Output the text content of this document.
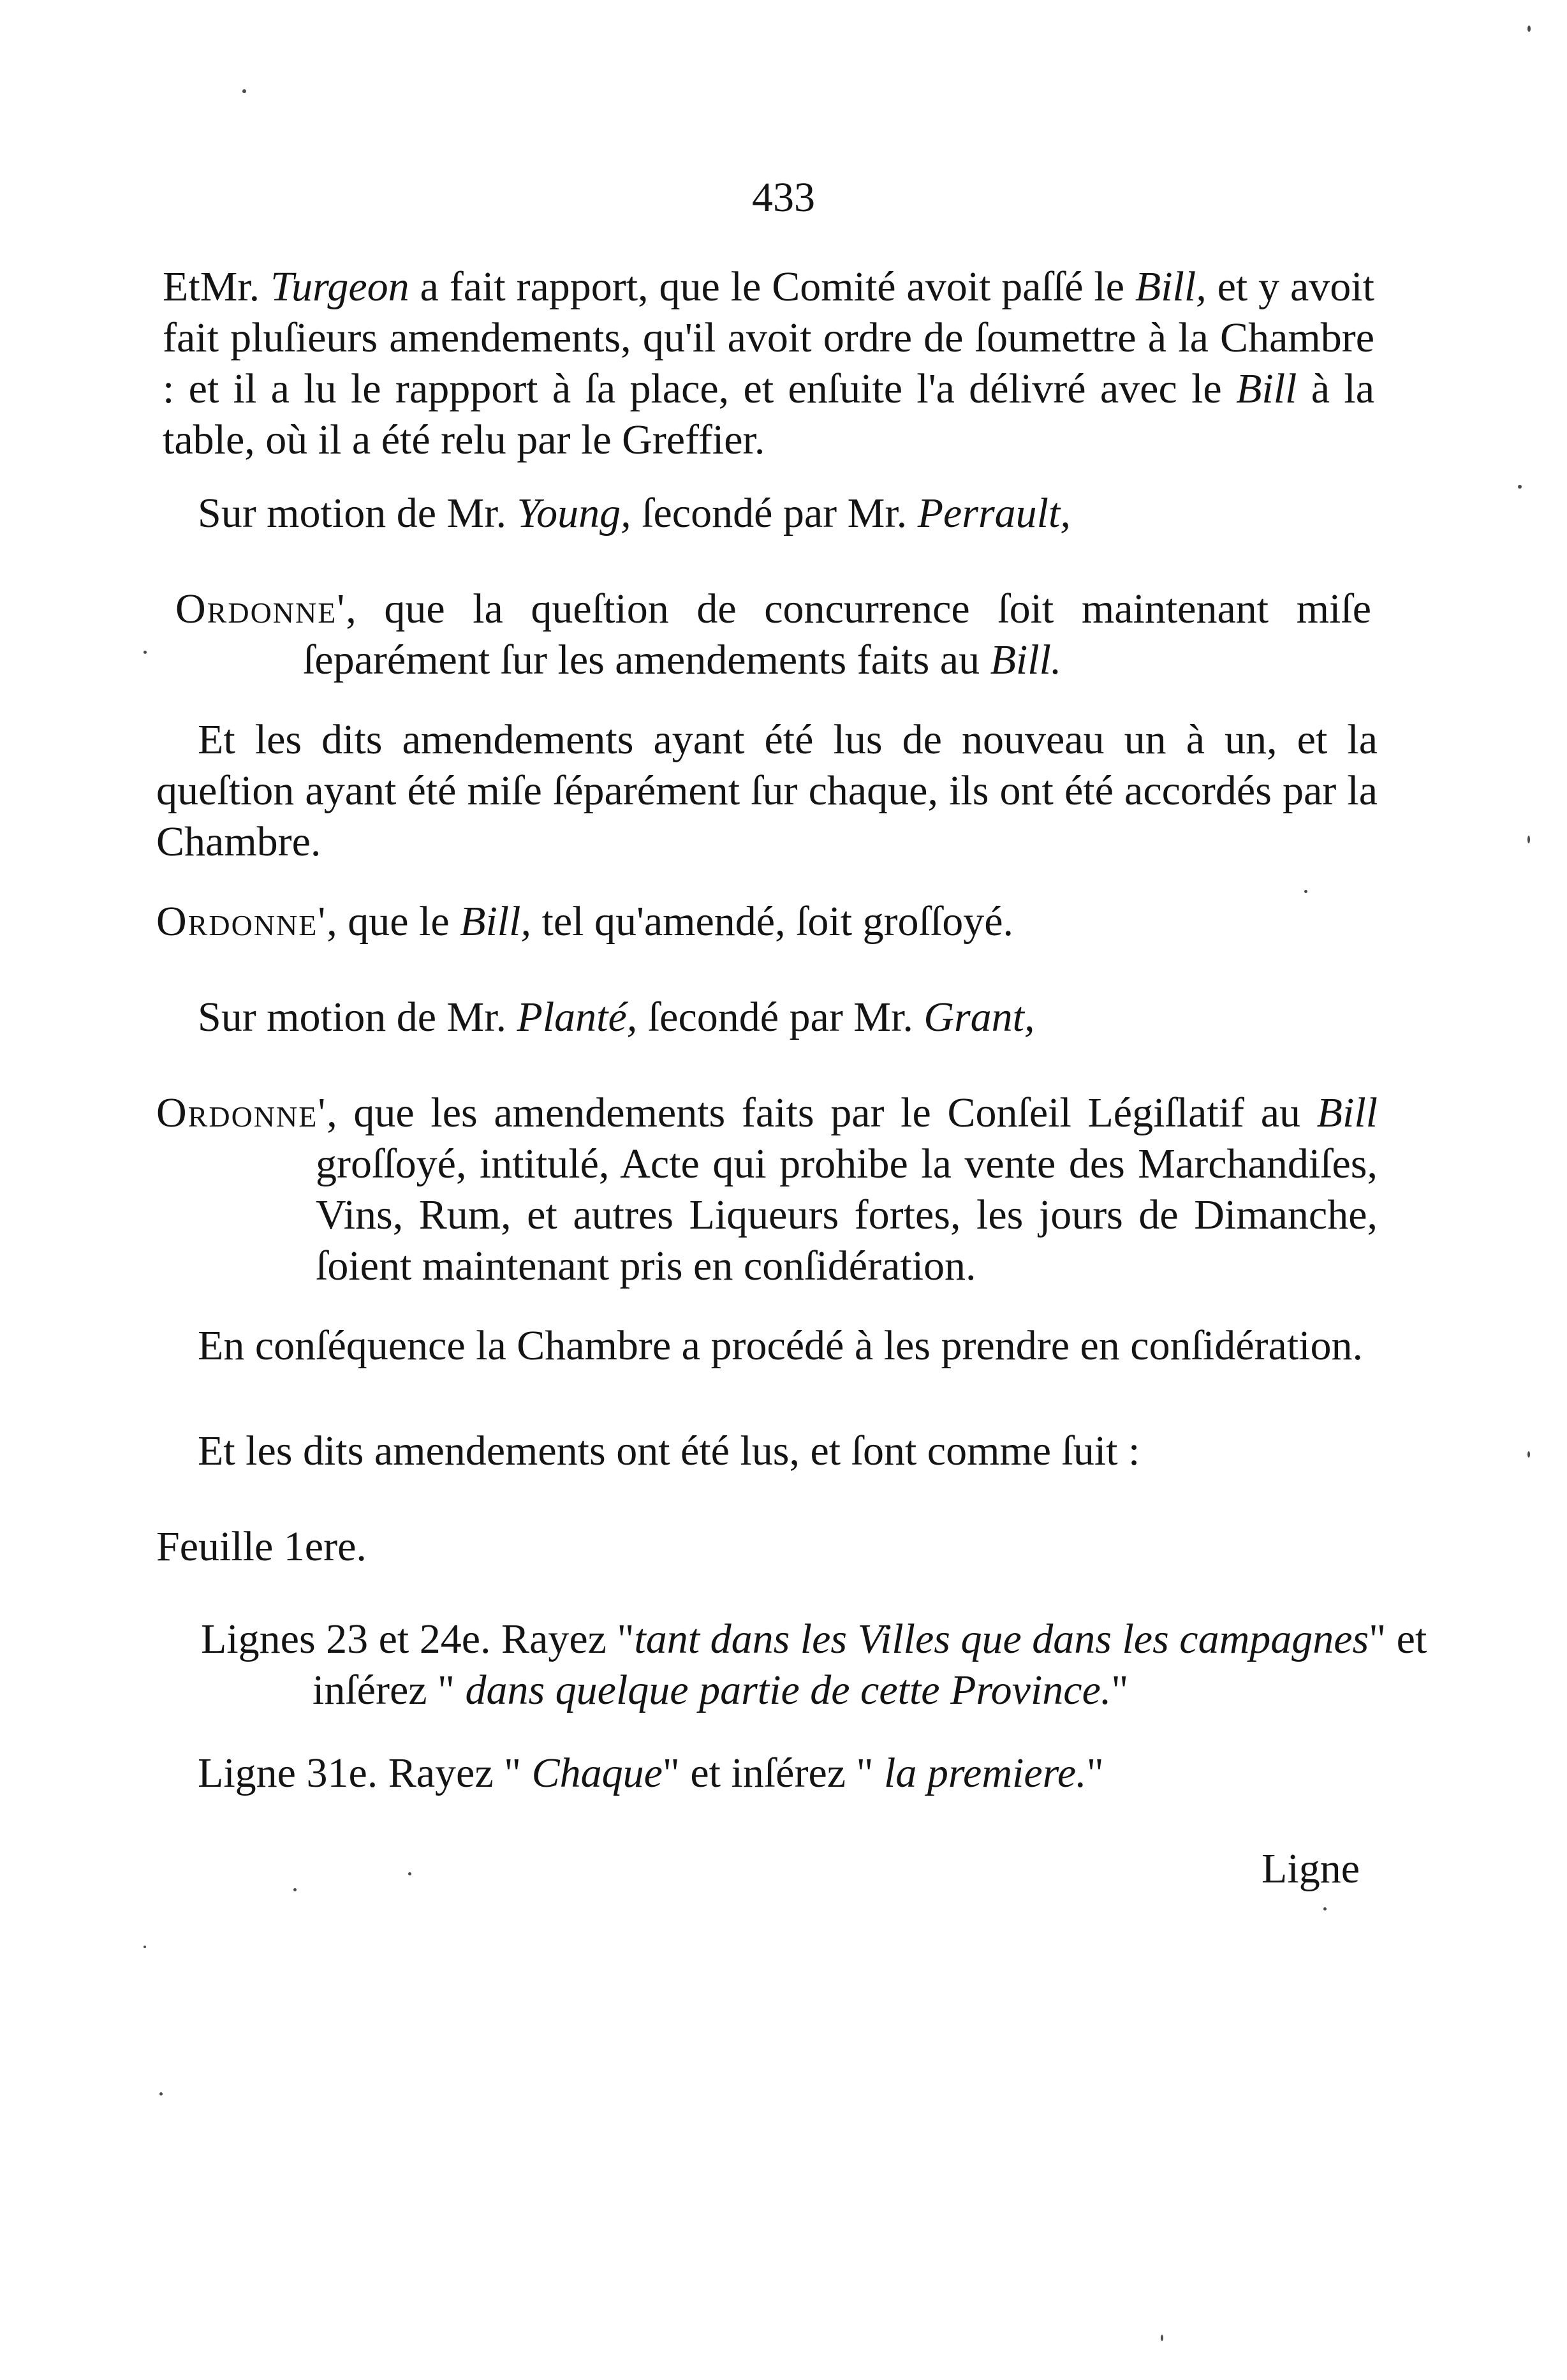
433

EtMr. Turgeon a fait rapport, que le Comité avoit paſſé le Bill, et y avoit fait pluſieurs amendements, qu'il avoit ordre de ſoumettre à la Chambre : et il a lu le rappport à ſa place, et enſuite l'a délivré avec le Bill à la table, où il a été relu par le Greffier.

Sur motion de Mr. Young, ſecondé par Mr. Perrault,

Ordonne', que la queſtion de concurrence ſoit maintenant miſe ſeparément ſur les amendements faits au Bill.

Et les dits amendements ayant été lus de nouveau un à un, et la queſtion ayant été miſe ſéparément ſur chaque, ils ont été accordés par la Chambre.

Ordonne', que le Bill, tel qu'amendé, ſoit groſſoyé.

Sur motion de Mr. Planté, ſecondé par Mr. Grant,

Ordonne', que les amendements faits par le Conſeil Légiſlatif au Bill groſſoyé, intitulé, Acte qui prohibe la vente des Marchandiſes, Vins, Rum, et autres Liqueurs fortes, les jours de Dimanche, ſoient maintenant pris en conſidération.

En conſéquence la Chambre a procédé à les prendre en conſidération.

Et les dits amendements ont été lus, et ſont comme ſuit :

Feuille 1ere.

Lignes 23 et 24e. Rayez "tant dans les Villes que dans les campagnes" et inſérez " dans quelque partie de cette Province."

Ligne 31e. Rayez " Chaque" et inſérez " la premiere."

Ligne
